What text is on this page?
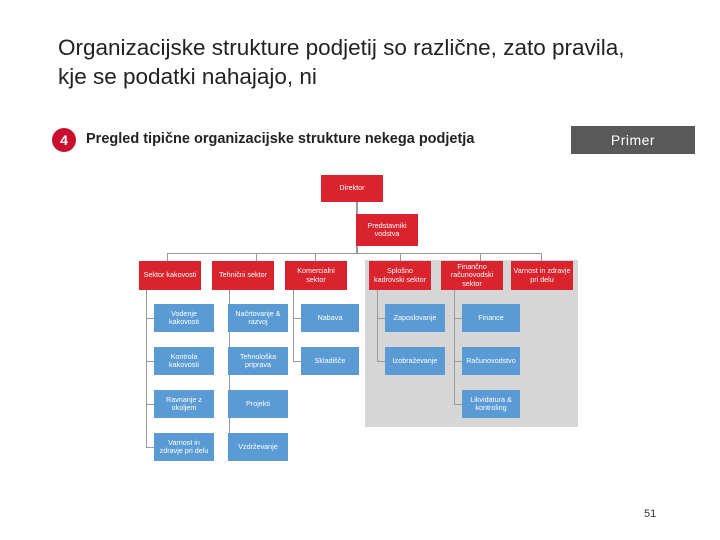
Organizacijske strukture podjetij so različne, zato pravila, kje se podatki nahajajo, ni
4	Pregled tipične organizacijske strukture nekega podjetja	Primer
Direktor
Predstavniki vodstva
Sektor kakovosti	Tehnični sektor	Komercialni sektor
Splošno kadrovski sektor
Finančno računovodski sektor
Varnost in zdravje pri delu
Vodenje kakovosti
Kontrola kakovosti
Ravnanje z okoljem
Varnost in zdravje pri delu
Načrtovanje & razvoj
Tehnološka priprava
Projekti
Vzdrževanje
Nabava
Skladišče
Zaposlovanje
Izobraževanje
Finance
Računovodstvo
Likvidatura & kontroling
51
